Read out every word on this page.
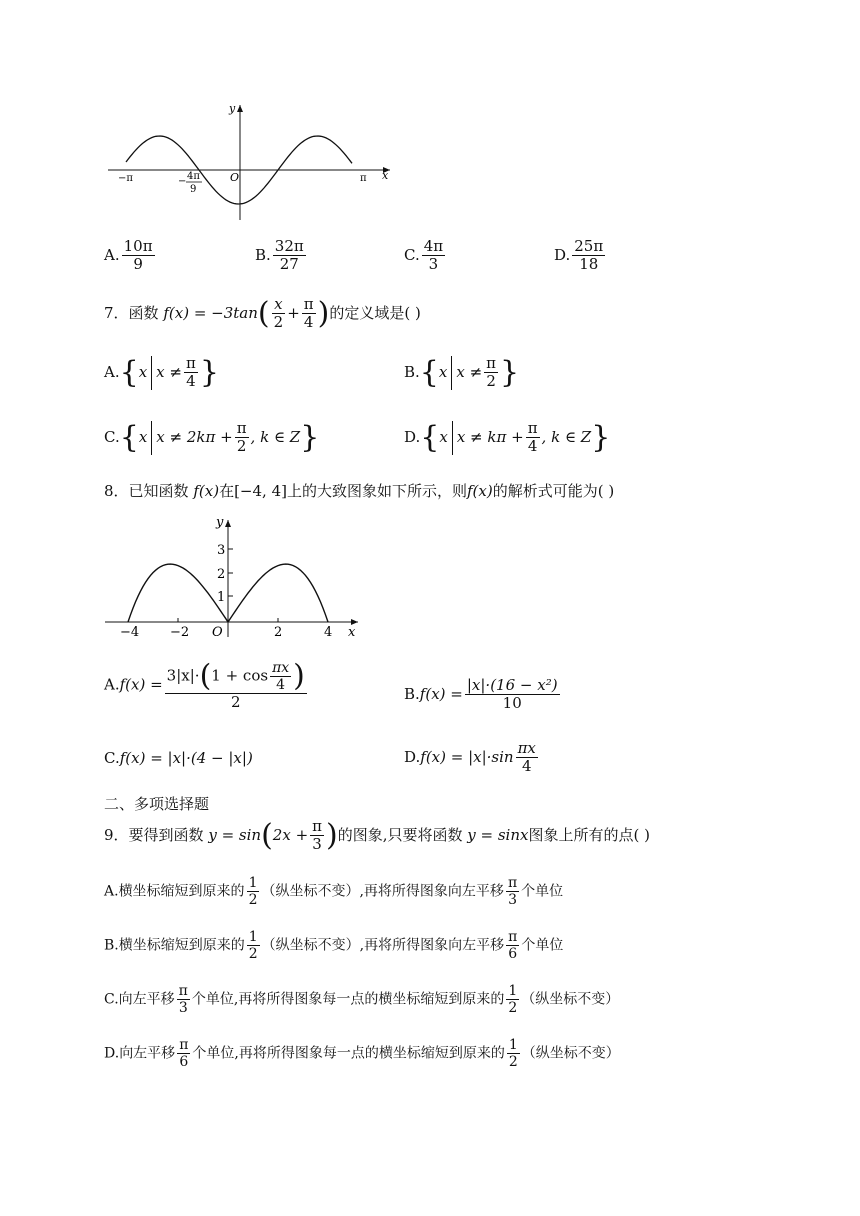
y
x
O
−π	π
− 4π
9
A. $\frac{10\pi}{9}$	B. $\frac{32\pi}{27}$	C. $\frac{4\pi}{3}$	D. $\frac{25\pi}{18}$
7．函数 $f(x) = -3\tan( \frac{x}{2} + \frac{\pi}{4}$ )的定义域是( )
A.{x $x \ne \frac{\pi}{4}$ }	B.{x $x \ne \frac{\pi}{2}$ }
C.{x $x \ne 2k\pi + \frac{\pi}{2}$ , k ∈ Z}	D.{x $x \ne k\pi + \frac{\pi}{4}$ , k ∈ Z}
8．已知函数 f(x)在[−4, 4]上的大致图象如下所示，则f(x)的解析式可能为( )
y
x
O
1
2
3
−4 −2	2	4
$A.f(x) = \frac{3|x|\cdot(1 + \cos \frac{\pi x}{4} )}{2}$	$B.f(x) = \frac{\text{|x|·(16 − x²)}}{10}$
C.f(x) = |x|·(4 − |x|)	$D.f(x) = |x|\cdot\sin \frac{\pi x}{4}$
二、多项选择题
9．要得到函数 $y = \sin(2x + \frac{\pi}{3}$ )的图象,只要将函数 y = sinx图象上所有的点( )
A.横坐标缩短到原来的 $\frac{1}{2}$ （纵坐标不变）,再将所得图象向左平移 $\frac{\pi}{3}$ 个单位
B.横坐标缩短到原来的 $\frac{1}{2}$ （纵坐标不变）,再将所得图象向左平移 $\frac{\pi}{6}$ 个单位
C.向左平移 $\frac{\pi}{3}$ 个单位,再将所得图象每一点的横坐标缩短到原来的 $\frac{1}{2}$ （纵坐标不变）
D.向左平移 $\frac{\pi}{6}$ 个单位,再将所得图象每一点的横坐标缩短到原来的 $\frac{1}{2}$ （纵坐标不变）
